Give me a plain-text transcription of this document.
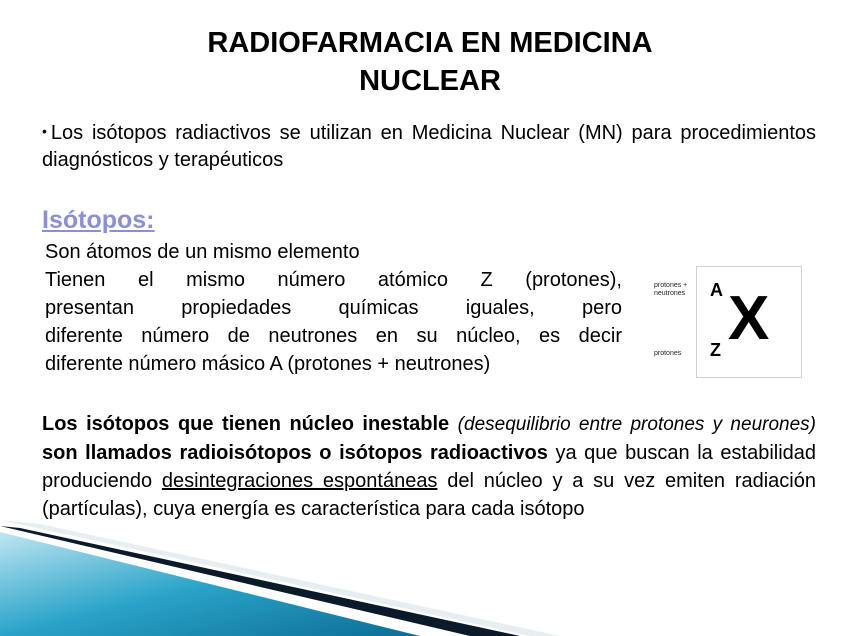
RADIOFARMACIA EN MEDICINA
NUCLEAR
• Los isótopos radiactivos se utilizan en Medicina Nuclear (MN) para procedimientos diagnósticos y terapéuticos
Isótopos:
Son átomos de un mismo elemento
Tienen el mismo número atómico Z (protones),
presentan propiedades químicas iguales, pero
diferente número de neutrones en su núcleo, es decir
diferente número másico A (protones + neutrones)
protones +
neutrones
protones
A
Z X
Los isótopos que tienen núcleo inestable (desequilibrio entre protones y neurones) son llamados radioisótopos o isótopos radioactivos ya que buscan la estabilidad produciendo desintegraciones espontáneas del núcleo y a su vez emiten radiación (partículas), cuya energía es característica para cada isótopo
